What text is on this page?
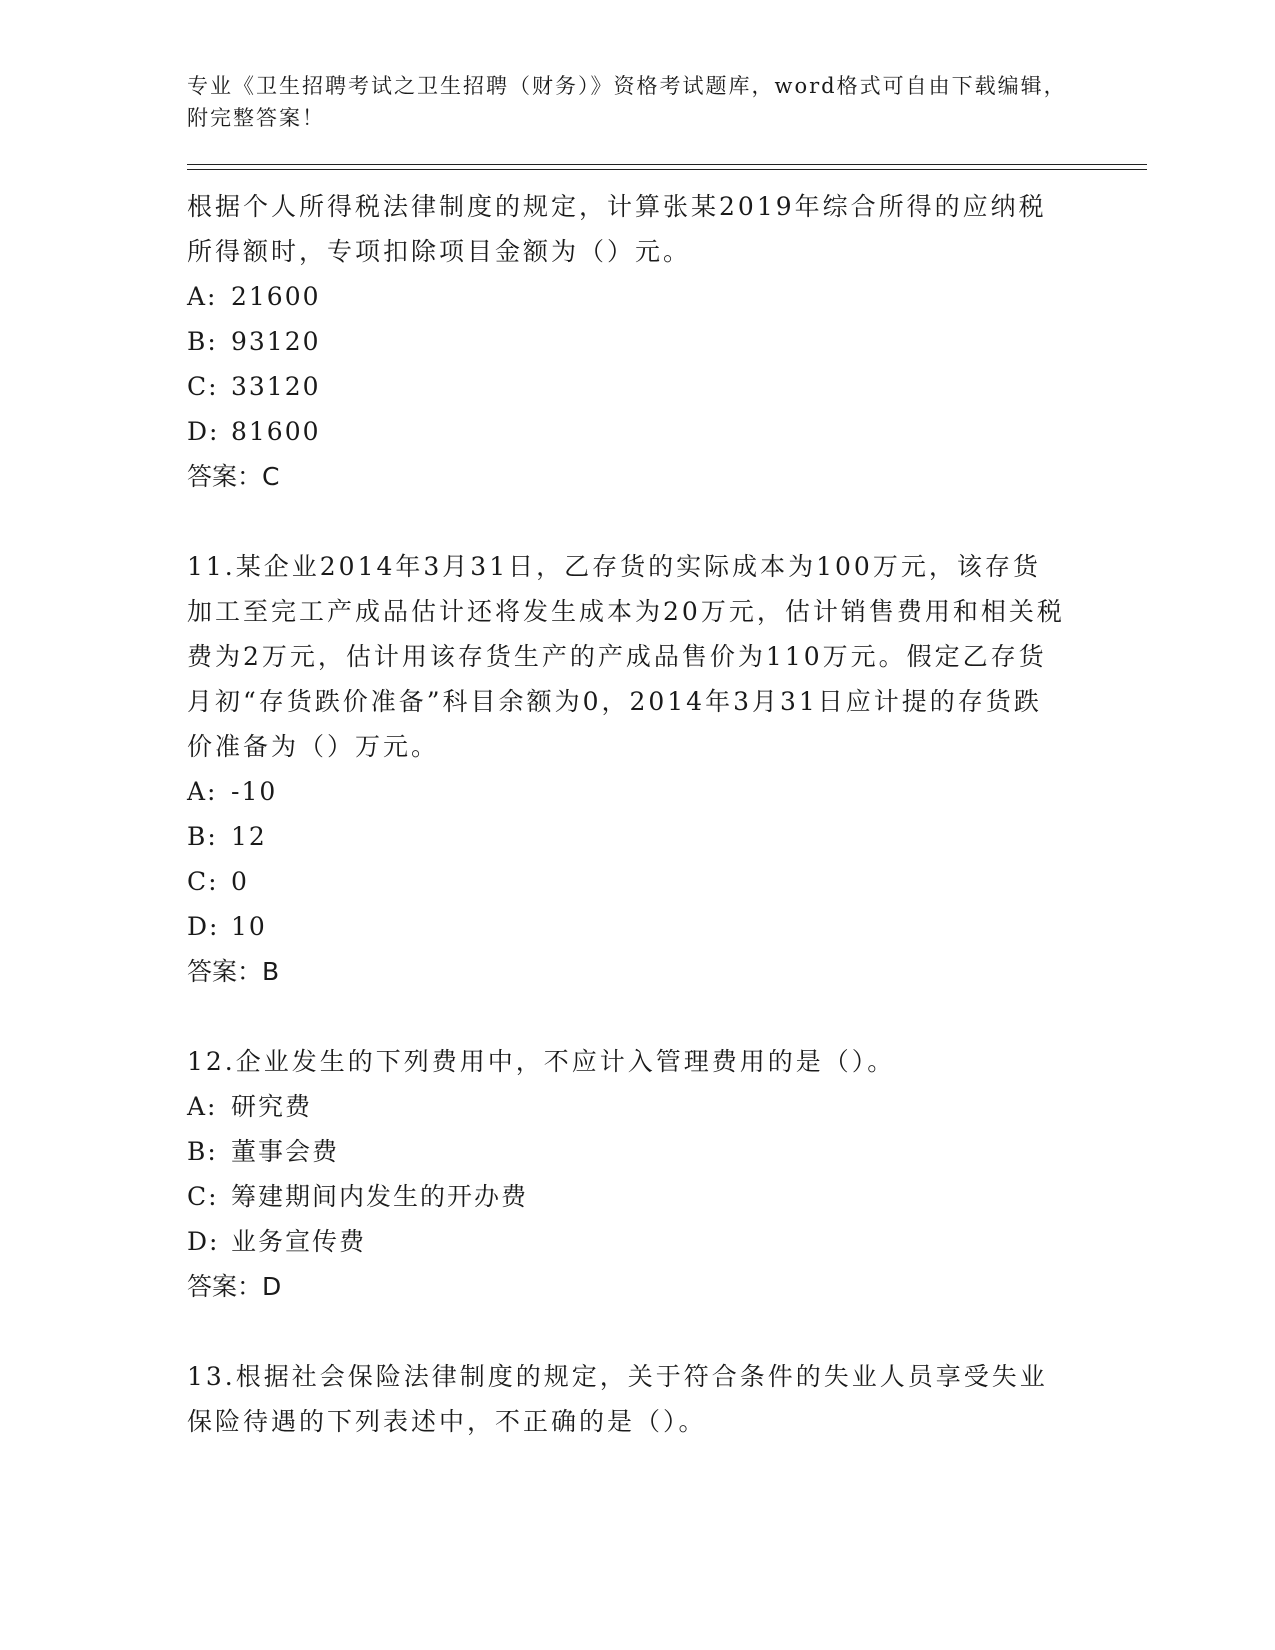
专业《卫生招聘考试之卫生招聘（财务）》资格考试题库，word格式可自由下载编辑，附完整答案！
根据个人所得税法律制度的规定，计算张某2019年综合所得的应纳税所得额时，专项扣除项目金额为（）元。
A: 21600
B: 93120
C: 33120
D: 81600
答案：C
11.某企业2014年3月31日，乙存货的实际成本为100万元，该存货加工至完工产成品估计还将发生成本为20万元，估计销售费用和相关税费为2万元，估计用该存货生产的产成品售价为110万元。假定乙存货月初“存货跌价准备”科目余额为0，2014年3月31日应计提的存货跌价准备为（）万元。
A: -10
B: 12
C: 0
D: 10
答案：B
12.企业发生的下列费用中，不应计入管理费用的是（）。
A: 研究费
B: 董事会费
C: 筹建期间内发生的开办费
D: 业务宣传费
答案：D
13.根据社会保险法律制度的规定，关于符合条件的失业人员享受失业保险待遇的下列表述中，不正确的是（）。
